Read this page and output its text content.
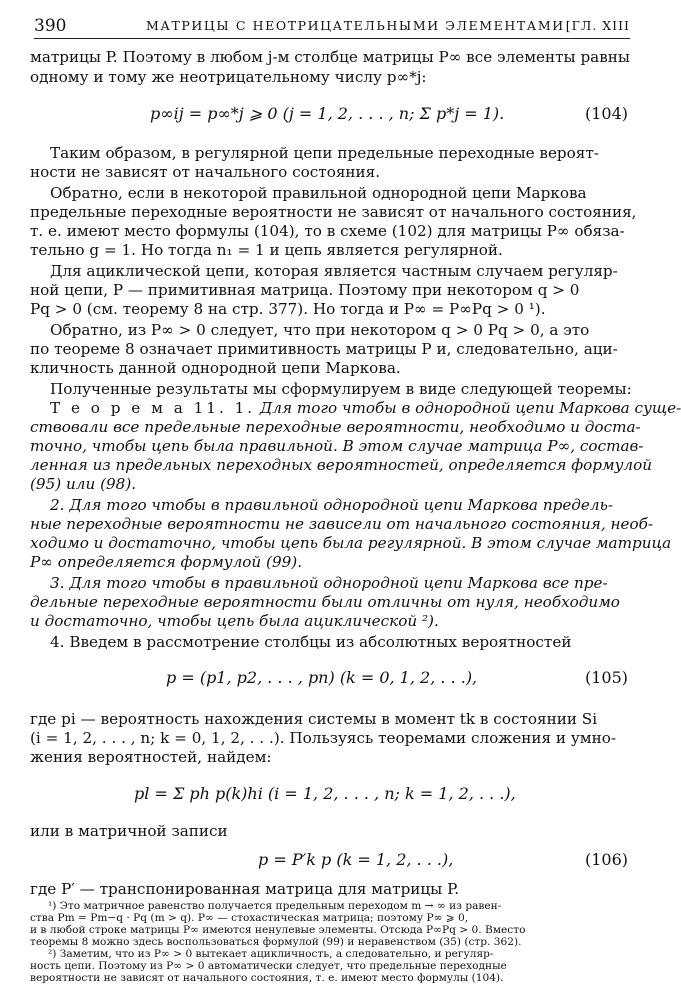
390	МАТРИЦЫ С НЕОТРИЦАТЕЛЬНЫМИ ЭЛЕМЕНТАМИ [ГЛ. XIII
матрицы P. Поэтому в любом j-м столбце матрицы P∞ все элементы равны
одному и тому же неотрицательному числу p∞*j:
p∞ij = p∞*j ⩾ 0 (j = 1, 2, . . . , n; Σ p*j = 1).	(104)
Таким образом, в регулярной цепи предельные переходные вероят-
ности не зависят от начального состояния.
Обратно, если в некоторой правильной однородной цепи Маркова
предельные переходные вероятности не зависят от начального состояния,
т. е. имеют место формулы (104), то в схеме (102) для матрицы P∞ обяза-
тельно g = 1. Но тогда n₁ = 1 и цепь является регулярной.
Для ациклической цепи, которая является частным случаем регуляр-
ной цепи, P — примитивная матрица. Поэтому при некотором q > 0
Pq > 0 (см. теорему 8 на стр. 377). Но тогда и P∞ = P∞Pq > 0 ¹).
Обратно, из P∞ > 0 следует, что при некотором q > 0 Pq > 0, а это
по теореме 8 означает примитивность матрицы P и, следовательно, аци-
кличность данной однородной цепи Маркова.
Полученные результаты мы сформулируем в виде следующей теоремы:
Т е о р е м а 11. 1. Для того чтобы в однородной цепи Маркова суще-
ствовали все предельные переходные вероятности, необходимо и доста-
точно, чтобы цепь была правильной. В этом случае матрица P∞, состав-
ленная из предельных переходных вероятностей, определяется формулой
(95) или (98).
2. Для того чтобы в правильной однородной цепи Маркова предель-
ные переходные вероятности не зависели от начального состояния, необ-
ходимо и достаточно, чтобы цепь была регулярной. В этом случае матрица
P∞ определяется формулой (99).
3. Для того чтобы в правильной однородной цепи Маркова все пре-
дельные переходные вероятности были отличны от нуля, необходимо
и достаточно, чтобы цепь была ациклической ²).
4. Введем в рассмотрение столбцы из абсолютных вероятностей
p = (p1, p2, . . . , pn) (k = 0, 1, 2, . . .),	(105)
где pi — вероятность нахождения системы в момент tk в состоянии Si
(i = 1, 2, . . . , n; k = 0, 1, 2, . . .). Пользуясь теоремами сложения и умно-
жения вероятностей, найдем:
pl = Σ ph p(k)hi (i = 1, 2, . . . , n; k = 1, 2, . . .),
или в матричной записи
p = P′k p (k = 1, 2, . . .),	(106)
где P′ — транспонированная матрица для матрицы P.
¹) Это матричное равенство получается предельным переходом m → ∞ из равен-
ства Pm = Pm−q · Pq (m > q). P∞ — стохастическая матрица; поэтому P∞ ⩾ 0,
и в любой строке матрицы P∞ имеются ненулевые элементы. Отсюда P∞Pq > 0. Вместо
теоремы 8 можно здесь воспользоваться формулой (99) и неравенством (35) (стр. 362).
²) Заметим, что из P∞ > 0 вытекает ацикличность, а следовательно, и регуляр-
ность цепи. Поэтому из P∞ > 0 автоматически следует, что предельные переходные
вероятности не зависят от начального состояния, т. е. имеют место формулы (104).
